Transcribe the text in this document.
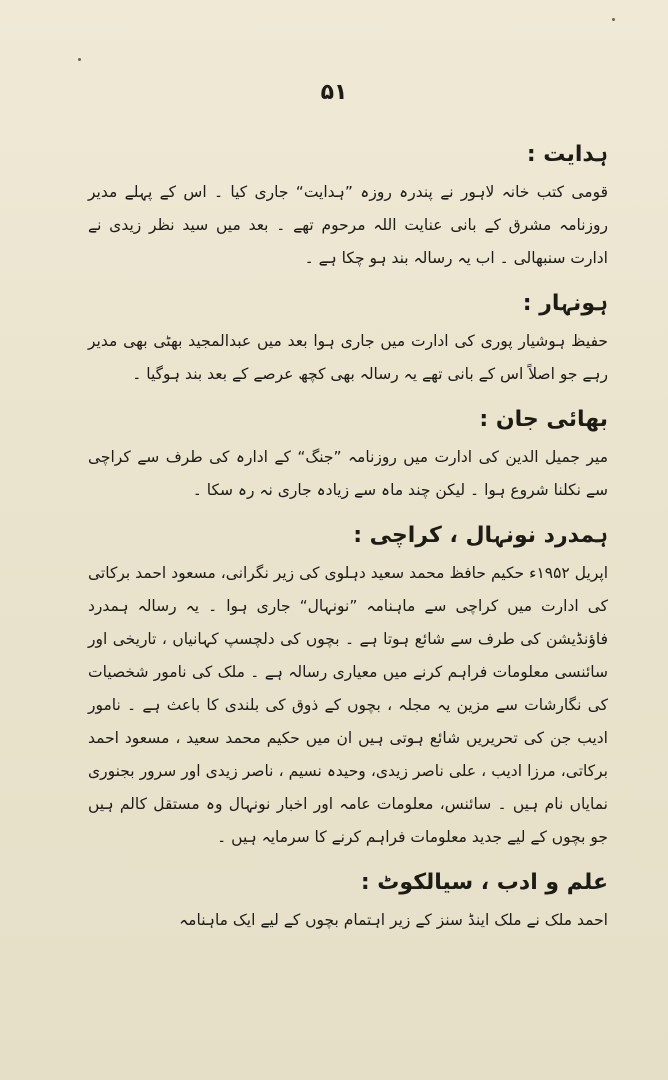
۵۱
ہدایت :

قومی کتب خانہ لاہور نے پندرہ روزہ ”ہدایت“ جاری کیا ۔ اس کے پہلے مدیر روزنامہ مشرق کے بانی عنایت اللہ مرحوم تھے ۔ بعد میں سید نظر زیدی نے ادارت سنبھالی ۔ اب یہ رسالہ بند ہو چکا ہے ۔

ہونہار :

حفیظ ہوشیار پوری کی ادارت میں جاری ہوا بعد میں عبدالمجید بھٹی بھی مدیر رہے جو اصلاً اس کے بانی تھے یہ رسالہ بھی کچھ عرصے کے بعد بند ہوگیا ۔

بھائی جان :

میر جمیل الدین کی ادارت میں روزنامہ ”جنگ“ کے ادارہ کی طرف سے کراچی سے نکلنا شروع ہوا ۔ لیکن چند ماہ سے زیادہ جاری نہ رہ سکا ۔

ہمدرد نونہال ، کراچی :

اپریل ۱۹۵۲ء حکیم حافظ محمد سعید دہلوی کی زیر نگرانی، مسعود احمد برکاتی کی ادارت میں کراچی سے ماہنامہ ”نونہال“ جاری ہوا ۔ یہ رسالہ ہمدرد فاؤنڈیشن کی طرف سے شائع ہوتا ہے ۔ بچوں کی دلچسپ کہانیاں ، تاریخی اور سائنسی معلومات فراہم کرنے میں معیاری رسالہ ہے ۔ ملک کی نامور شخصیات کی نگارشات سے مزین یہ مجلہ ، بچوں کے ذوق کی بلندی کا باعث ہے ۔ نامور ادیب جن کی تحریریں شائع ہوتی ہیں ان میں حکیم محمد سعید ، مسعود احمد برکاتی، مرزا ادیب ، علی ناصر زیدی، وحیدہ نسیم ، ناصر زیدی اور سرور بجنوری نمایاں نام ہیں ۔ سائنس، معلومات عامہ اور اخبار نونہال وہ مستقل کالم ہیں جو بچوں کے لیے جدید معلومات فراہم کرنے کا سرمایہ ہیں ۔

علم و ادب ، سیالکوٹ :

احمد ملک نے ملک اینڈ سنز کے زیر اہتمام بچوں کے لیے ایک ماہنامہ
